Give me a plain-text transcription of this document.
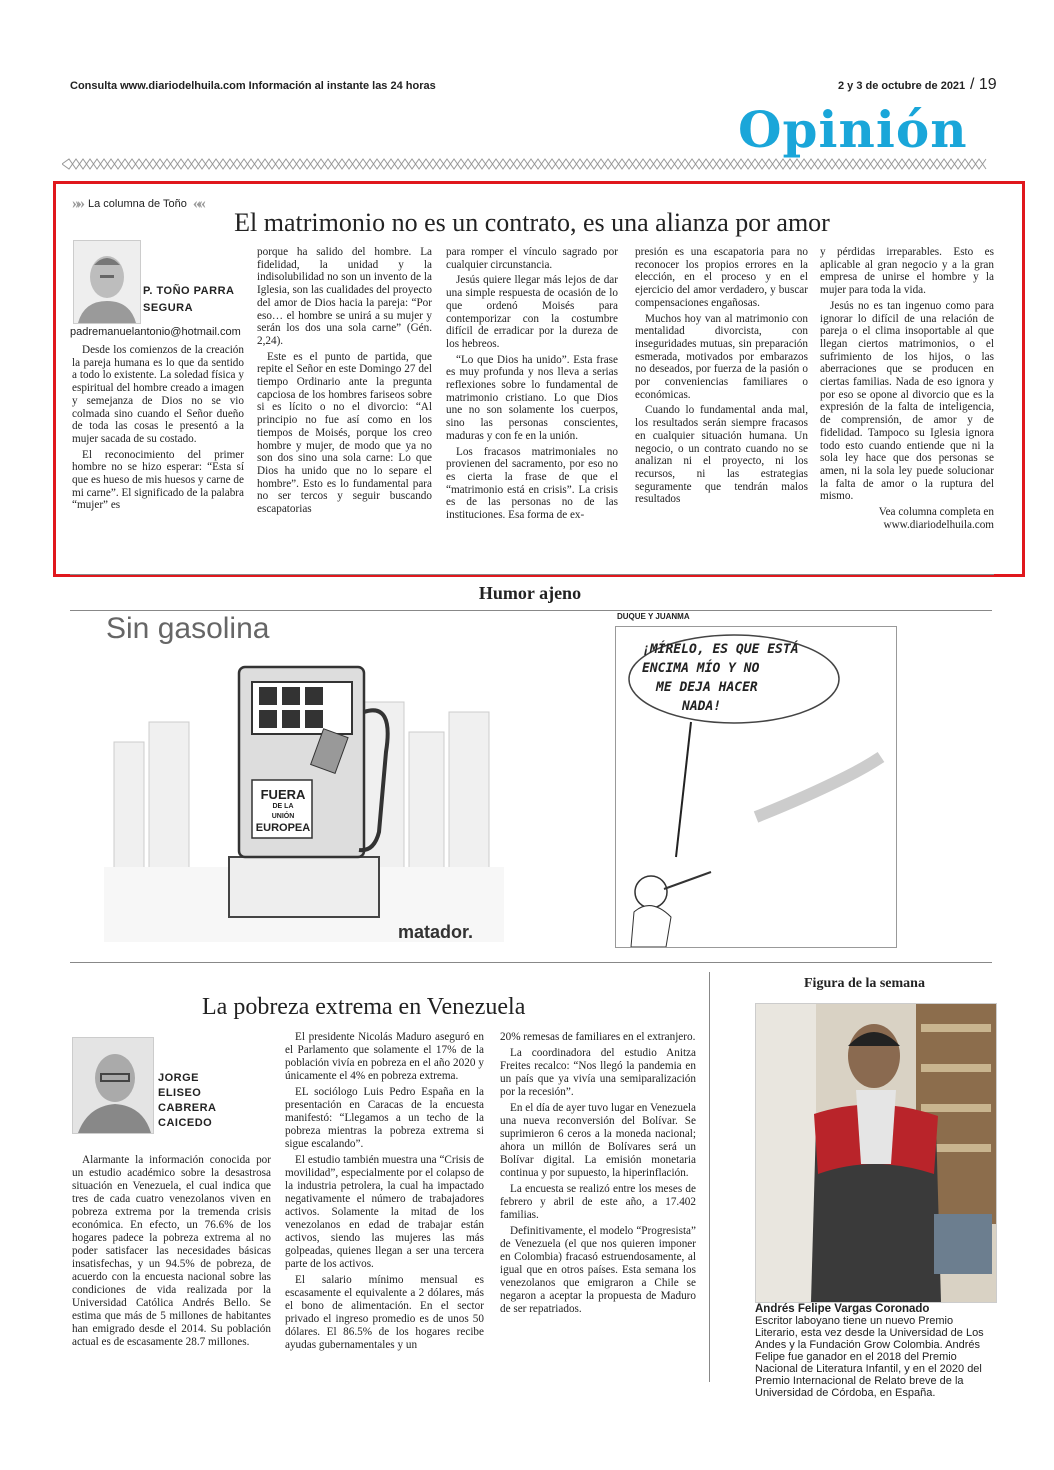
Consulta www.diariodelhuila.com Información al instante las 24 horas	2 y 3 de octubre de 2021 / 19
Opinión
»» La columna de Toño ««
El matrimonio no es un contrato, es una alianza por amor
P. TOÑO PARRA
SEGURA
padremanuelantonio@hotmail.com

Desde los comienzos de la creación la pareja humana es lo que da sentido a todo lo existente. La soledad física y espiritual del hombre creado a imagen y semejanza de Dios no se vio colmada sino cuando el Señor dueño de toda las cosas le presentó a la mujer sacada de su costado.

El reconocimiento del primer hombre no se hizo esperar: “Esta sí que es hueso de mis huesos y carne de mi carne”. El significado de la palabra “mujer” es

porque ha salido del hombre. La fidelidad, la unidad y la indisolubilidad no son un invento de la Iglesia, son las cualidades del proyecto del amor de Dios hacia la pareja: “Por eso… el hombre se unirá a su mujer y serán los dos una sola carne” (Gén. 2,24).

Este es el punto de partida, que repite el Señor en este Domingo 27 del tiempo Ordinario ante la pregunta capciosa de los hombres fariseos sobre si es lícito o no el divorcio: “Al principio no fue así como en los tiempos de Moisés, porque los creo hombre y mujer, de modo que ya no son dos sino una sola carne: Lo que Dios ha unido que no lo separe el hombre”. Esto es lo fundamental para no ser tercos y seguir buscando escapatorias

para romper el vínculo sagrado por cualquier circunstancia.

Jesús quiere llegar más lejos de dar una simple respuesta de ocasión de lo que ordenó Moisés para contemporizar con la costumbre difícil de erradicar por la dureza de los hebreos.

“Lo que Dios ha unido”. Esta frase es muy profunda y nos lleva a serias reflexiones sobre lo fundamental de matrimonio cristiano. Lo que Dios une no son solamente los cuerpos, sino las personas conscientes, maduras y con fe en la unión.

Los fracasos matrimoniales no provienen del sacramento, por eso no es cierta la frase de que el “matrimonio está en crisis”. La crisis es de las personas no de las instituciones. Esa forma de ex-

presión es una escapatoria para no reconocer los propios errores en la elección, en el proceso y en el ejercicio del amor verdadero, y buscar compensaciones engañosas.

Muchos hoy van al matrimonio con mentalidad divorcista, con inseguridades mutuas, sin preparación esmerada, motivados por embarazos no deseados, por fuerza de la pasión o por conveniencias familiares o económicas.

Cuando lo fundamental anda mal, los resultados serán siempre fracasos en cualquier situación humana. Un negocio, o un contrato cuando no se analizan ni el proyecto, ni los recursos, ni las estrategias seguramente que tendrán malos resultados

y pérdidas irreparables. Esto es aplicable al gran negocio y a la gran empresa de unirse el hombre y la mujer para toda la vida.

Jesús no es tan ingenuo como para ignorar lo difícil de una relación de pareja o el clima insoportable al que llegan ciertos matrimonios, o el sufrimiento de los hijos, o las aberraciones que se producen en ciertas familias. Nada de eso ignora y por eso se opone al divorcio que es la expresión de la falta de inteligencia, de comprensión, de amor y de fidelidad. Tampoco su Iglesia ignora todo esto cuando entiende que ni la sola ley hace que dos personas se amen, ni la sola ley puede solucionar la falta de amor o la ruptura del mismo.

Vea columna completa en
www.diariodelhuila.com
Humor ajeno
Sin gasolina
FUERA
DE LA
UNIÓN
EUROPEA
matador.
DUQUE Y JUANMA
¡MÍRELO, ES QUE ESTÁ
ENCIMA MÍO Y NO
ME DEJA HACER
NADA!
La pobreza extrema en Venezuela
JORGE
ELISEO
CABRERA
CAICEDO

Alarmante la información conocida por un estudio académico sobre la desastrosa situación en Venezuela, el cual indica que tres de cada cuatro venezolanos viven en pobreza extrema por la tremenda crisis económica. En efecto, un 76.6% de los hogares padece la pobreza extrema al no poder satisfacer las necesidades básicas insatisfechas, y un 94.5% de pobreza, de acuerdo con la encuesta nacional sobre las condiciones de vida realizada por la Universidad Católica Andrés Bello. Se estima que más de 5 millones de habitantes han emigrado desde el 2014. Su población actual es de escasamente 28.7 millones.

El presidente Nicolás Maduro aseguró en el Parlamento que solamente el 17% de la población vivía en pobreza en el año 2020 y únicamente el 4% en pobreza extrema.

EL sociólogo Luis Pedro España en la presentación en Caracas de la encuesta manifestó: “Llegamos a un techo de la pobreza mientras la pobreza extrema si sigue escalando”.

El estudio también muestra una “Crisis de movilidad”, especialmente por el colapso de la industria petrolera, la cual ha impactado negativamente el número de trabajadores activos. Solamente la mitad de los venezolanos en edad de trabajar están activos, siendo las mujeres las más golpeadas, quienes llegan a ser una tercera parte de los activos.

El salario mínimo mensual es escasamente el equivalente a 2 dólares, más el bono de alimentación. En el sector privado el ingreso promedio es de unos 50 dólares. El 86.5% de los hogares recibe ayudas gubernamentales y un

20% remesas de familiares en el extranjero.

La coordinadora del estudio Anitza Freites recalco: “Nos llegó la pandemia en un país que ya vivía una semiparalización por la recesión”.

En el día de ayer tuvo lugar en Venezuela una nueva reconversión del Bolívar. Se suprimieron 6 ceros a la moneda nacional; ahora un millón de Bolívares será un Bolívar digital. La emisión monetaria continua y por supuesto, la hiperinflación.

La encuesta se realizó entre los meses de febrero y abril de este año, a 17.402 familias.

Definitivamente, el modelo “Progresista” de Venezuela (el que nos quieren imponer en Colombia) fracasó estruendosamente, al igual que en otros países. Esta semana los venezolanos que emigraron a Chile se negaron a aceptar la propuesta de Maduro de ser repatriados.

Figura de la semana
Andrés Felipe Vargas Coronado
Escritor laboyano tiene un nuevo Premio Literario, esta vez desde la Universidad de Los Andes y la Fundación Grow Colombia. Andrés Felipe fue ganador en el 2018 del Premio Nacional de Literatura Infantil, y en el 2020 del Premio Internacional de Relato breve de la Universidad de Córdoba, en España.
